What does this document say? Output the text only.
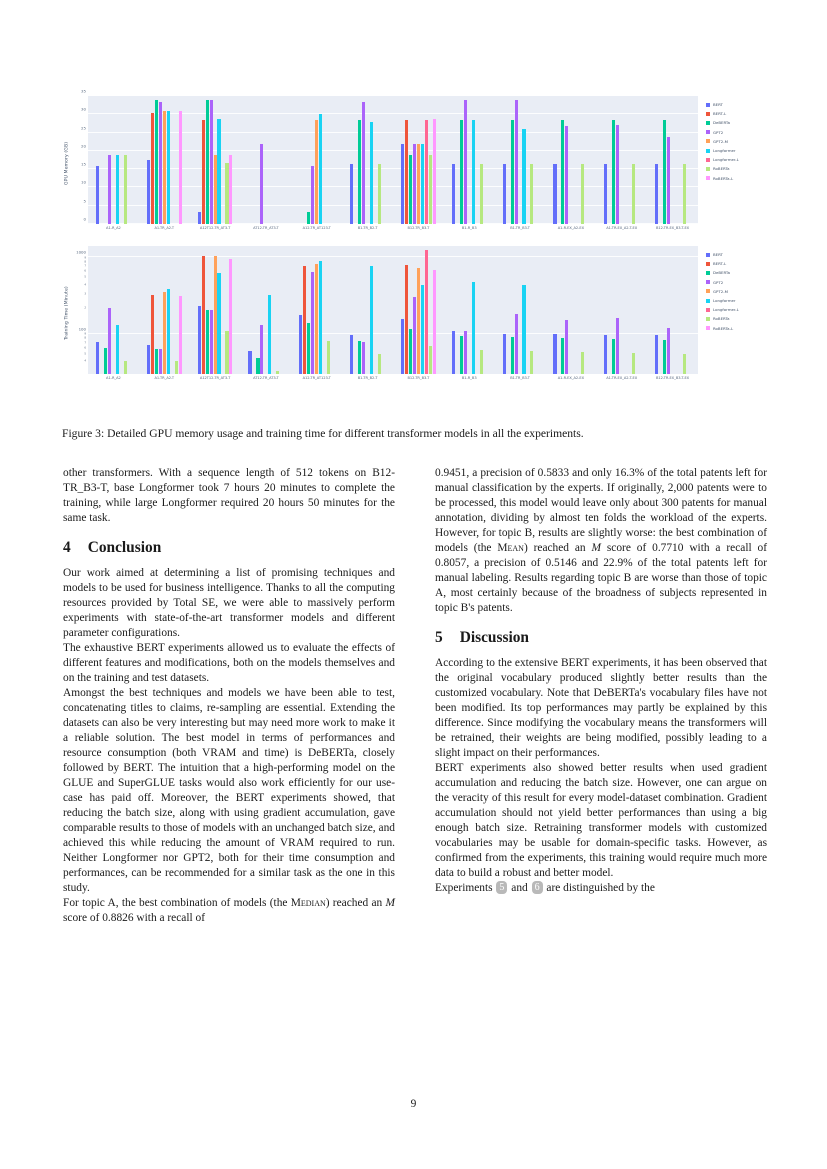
GPU Memory (GB)
0
5
10
15
20
25
30
35
A1-R_A2	A1-TR_A2-T	A12T12-TR_AT3-T	AT12-TR_AT3-T	A12-TR_AT123-T	B1-TR_B2-T	B12-TR_B3-T	B1-R_B3	B1-TR_B3-T	A1-R-EX_A2-EX	A1-TR-EX_A2-T-EX	B12-TR-EX_B3-T-EX
BERT
BERT-L
DeBERTa
GPT2
GPT2-M
Longformer
Longformer-L
RoBERTa
RoBERTa-L
Training Time (Minute)
4
5
6
7
8
9
2
3
4
5
6
7
8
9
100
1000
A1-R_A2	A1-TR_A2-T	A12T12-TR_AT3-T	AT12-TR_AT3-T	A12-TR_AT123-T	B1-TR_B2-T	B12-TR_B3-T	B1-R_B3	B1-TR_B3-T	A1-R-EX_A2-EX	A1-TR-EX_A2-T-EX	B12-TR-EX_B3-T-EX
BERT
BERT-L
DeBERTa
GPT2
GPT2-M
Longformer
Longformer-L
RoBERTa
RoBERTa-L
Figure 3: Detailed GPU memory usage and training time for different transformer models in all the experiments.

other transformers. With a sequence length of 512 tokens on B12-TR_B3-T, base Longformer took 7 hours 20 minutes to complete the training, while large Longformer required 20 hours 50 minutes for the same task.

4 Conclusion

Our work aimed at determining a list of promising techniques and models to be used for business intelligence. Thanks to all the computing resources provided by Total SE, we were able to massively perform experiments with state-of-the-art transformer models and different parameter configurations.

The exhaustive BERT experiments allowed us to evaluate the effects of different features and modifications, both on the models themselves and on the training and test datasets.

Amongst the best techniques and models we have been able to test, concatenating titles to claims, re-sampling are essential. Extending the datasets can also be very interesting but may need more work to make it a reliable solution. The best model in terms of performances and resource consumption (both VRAM and time) is DeBERTa, closely followed by BERT. The intuition that a high-performing model on the GLUE and SuperGLUE tasks would also work efficiently for our use-case has paid off. Moreover, the BERT experiments showed, that reducing the batch size, along with using gradient accumulation, gave comparable results to those of models with an unchanged batch size, and achieved this while reducing the amount of VRAM required to run. Neither Longformer nor GPT2, both for their time consumption and performances, can be recommended for a similar task as the one in this study.

For topic A, the best combination of models (the Median) reached an M score of 0.8826 with a recall of

0.9451, a precision of 0.5833 and only 16.3% of the total patents left for manual classification by the experts. If originally, 2,000 patents were to be processed, this model would leave only about 300 patents for manual annotation, dividing by almost ten folds the workload of the experts. However, for topic B, results are slightly worse: the best combination of models (the Mean) reached an M score of 0.7710 with a recall of 0.8057, a precision of 0.5146 and 22.9% of the total patents left for manual labeling. Results regarding topic B are worse than those of topic A, most certainly because of the broadness of subjects represented in topic B's patents.

5 Discussion

According to the extensive BERT experiments, it has been observed that the original vocabulary produced slightly better results than the customized vocabulary. Note that DeBERTa's vocabulary files have not been modified. Its top performances may partly be explained by this difference. Since modifying the vocabulary means the transformers will be retrained, their weights are being modified, possibly leading to a slight impact on their performances.

BERT experiments also showed better results when used gradient accumulation and reducing the batch size. However, one can argue on the veracity of this result for every model-dataset combination. Gradient accumulation should not yield better performances than using a big enough batch size. Retraining transformer models with customized vocabularies may be usable for domain-specific tasks. However, as confirmed from the experiments, this training would require much more data to build a robust and better model.

Experiments 5 and 6 are distinguished by the

9
